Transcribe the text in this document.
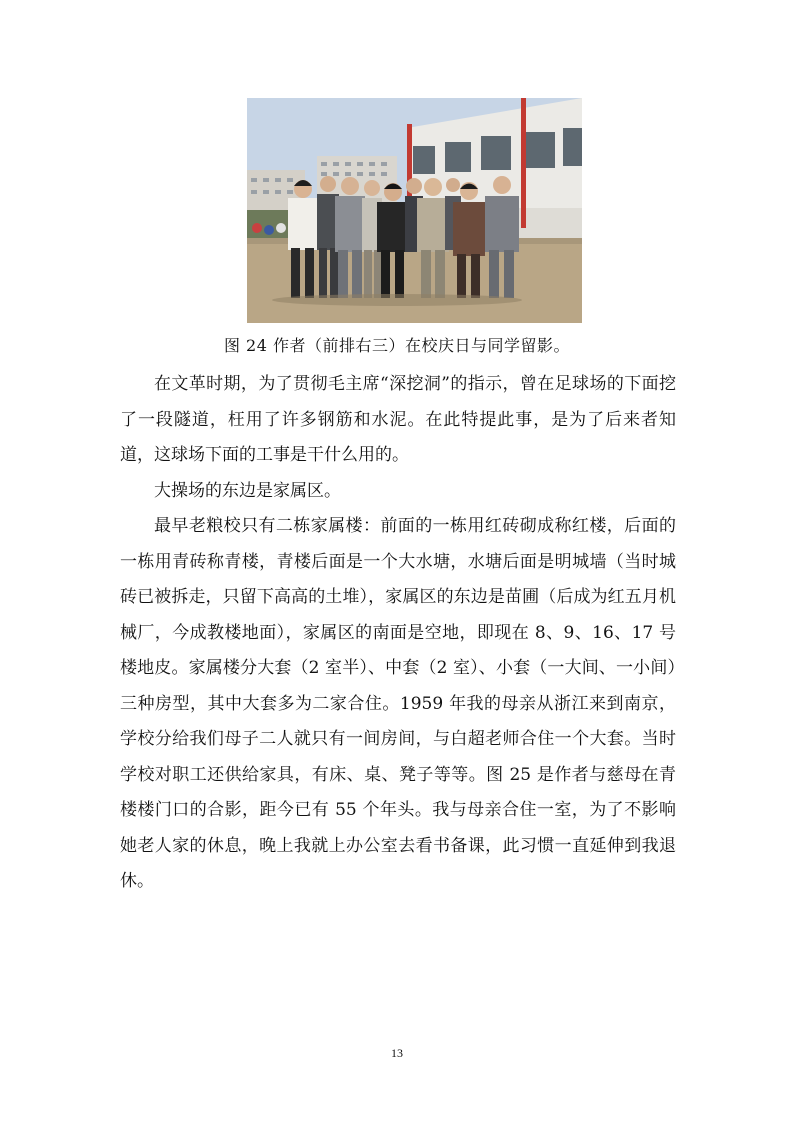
图 24 作者（前排右三）在校庆日与同学留影。

在文革时期，为了贯彻毛主席“深挖洞”的指示，曾在足球场的下面挖了一段隧道，枉用了许多钢筋和水泥。在此特提此事，是为了后来者知道，这球场下面的工事是干什么用的。

大操场的东边是家属区。

最早老粮校只有二栋家属楼：前面的一栋用红砖砌成称红楼，后面的一栋用青砖称青楼，青楼后面是一个大水塘，水塘后面是明城墙（当时城砖已被拆走，只留下高高的土堆），家属区的东边是苗圃（后成为红五月机械厂，今成教楼地面），家属区的南面是空地，即现在 8、9、16、17 号楼地皮。家属楼分大套（2 室半）、中套（2 室）、小套（一大间、一小间）三种房型，其中大套多为二家合住。1959 年我的母亲从浙江来到南京，学校分给我们母子二人就只有一间房间，与白超老师合住一个大套。当时学校对职工还供给家具，有床、桌、凳子等等。图 25 是作者与慈母在青楼楼门口的合影，距今已有 55 个年头。我与母亲合住一室，为了不影响她老人家的休息，晚上我就上办公室去看书备课，此习惯一直延伸到我退休。

13
